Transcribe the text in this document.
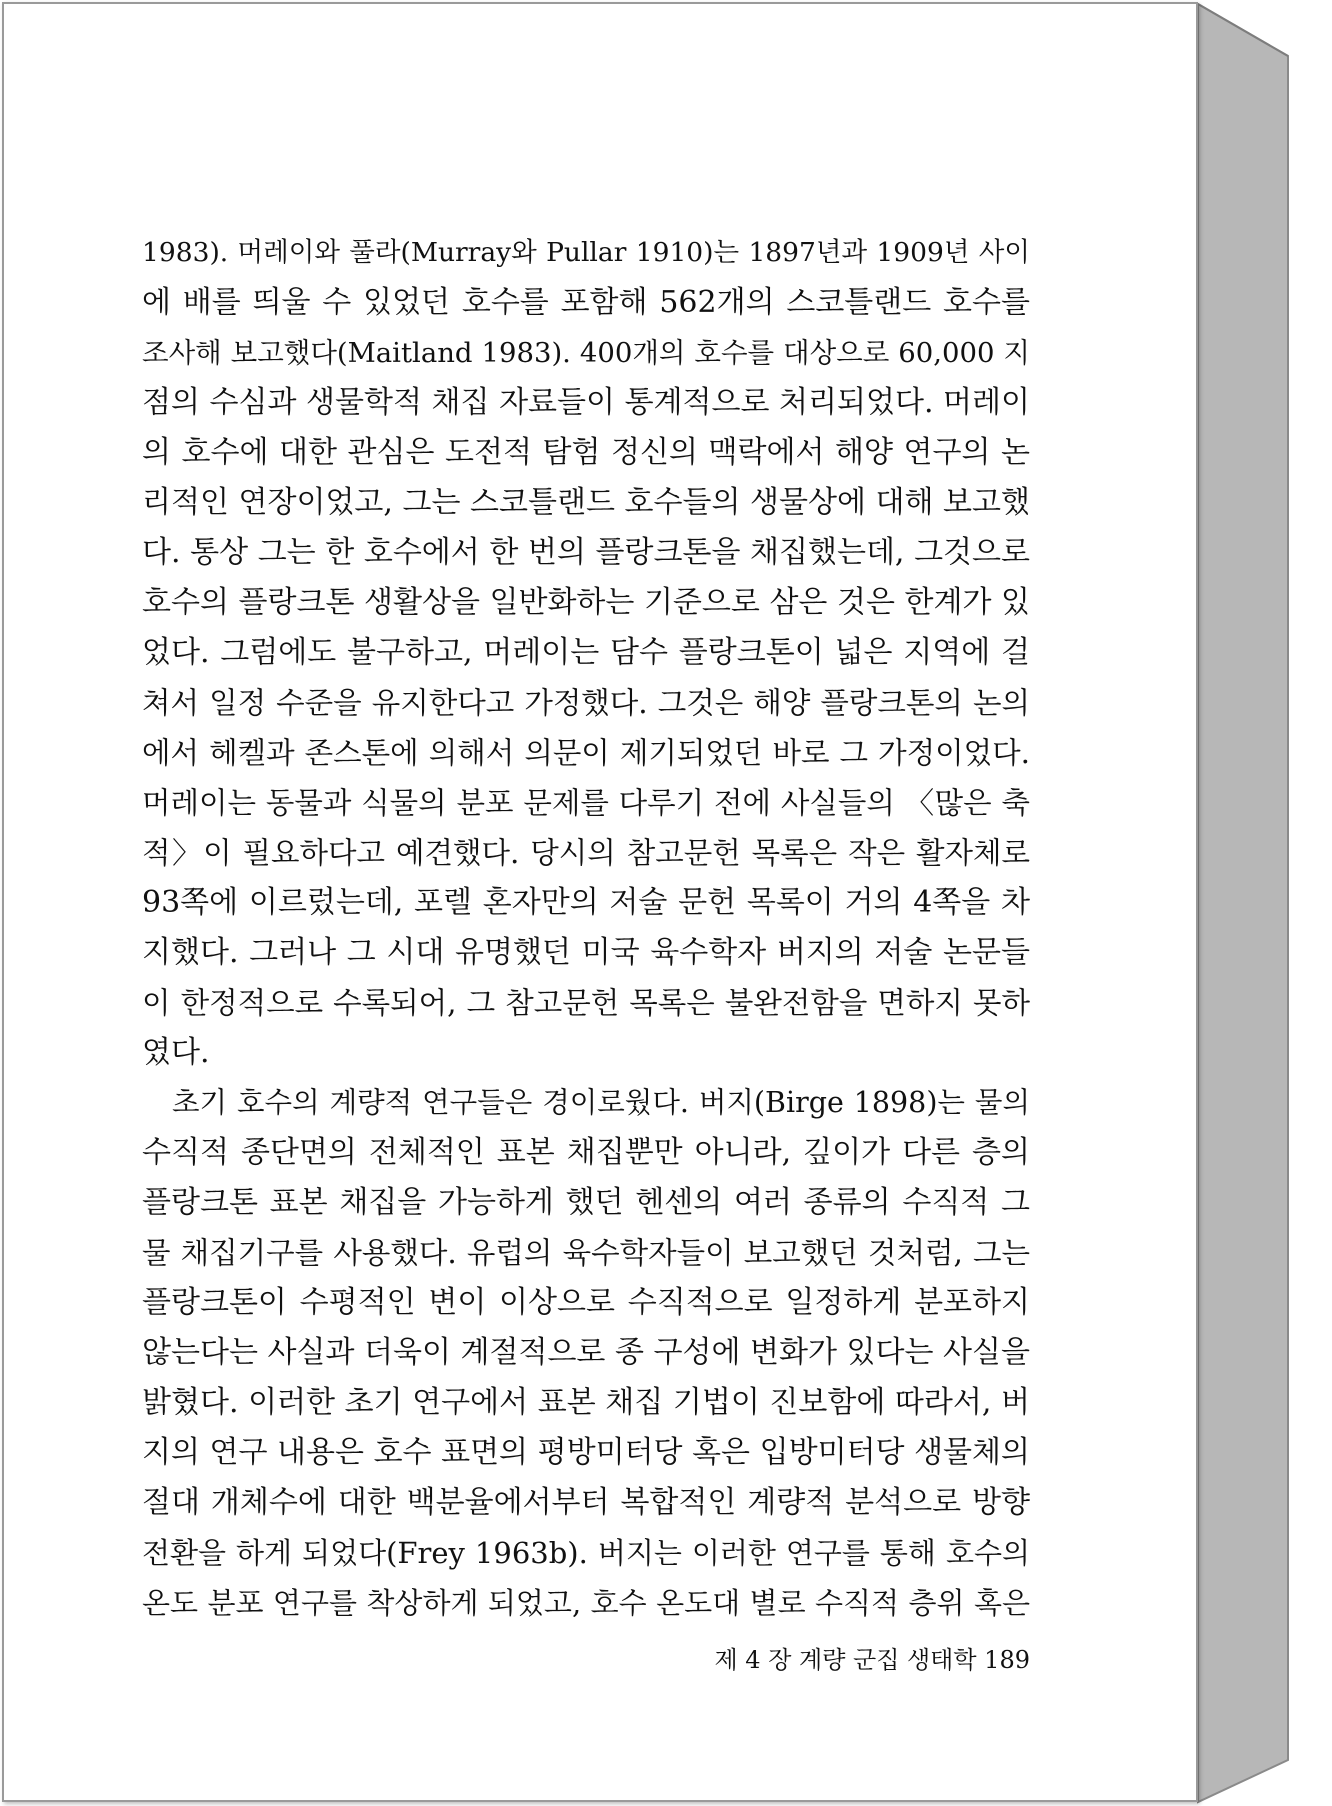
1983). 머레이와 풀라(Murray와 Pullar 1910)는 1897년과 1909년 사이
에 배를 띄울 수 있었던 호수를 포함해 562개의 스코틀랜드 호수를
조사해 보고했다(Maitland 1983). 400개의 호수를 대상으로 60,000 지
점의 수심과 생물학적 채집 자료들이 통계적으로 처리되었다. 머레이
의 호수에 대한 관심은 도전적 탐험 정신의 맥락에서 해양 연구의 논
리적인 연장이었고, 그는 스코틀랜드 호수들의 생물상에 대해 보고했
다. 통상 그는 한 호수에서 한 번의 플랑크톤을 채집했는데, 그것으로
호수의 플랑크톤 생활상을 일반화하는 기준으로 삼은 것은 한계가 있
었다. 그럼에도 불구하고, 머레이는 담수 플랑크톤이 넓은 지역에 걸
쳐서 일정 수준을 유지한다고 가정했다. 그것은 해양 플랑크톤의 논의
에서 헤켈과 존스톤에 의해서 의문이 제기되었던 바로 그 가정이었다.
머레이는 동물과 식물의 분포 문제를 다루기 전에 사실들의 〈많은 축
적〉이 필요하다고 예견했다. 당시의 참고문헌 목록은 작은 활자체로
93쪽에 이르렀는데, 포렐 혼자만의 저술 문헌 목록이 거의 4쪽을 차
지했다. 그러나 그 시대 유명했던 미국 육수학자 버지의 저술 논문들
이 한정적으로 수록되어, 그 참고문헌 목록은 불완전함을 면하지 못하
였다.
초기 호수의 계량적 연구들은 경이로웠다. 버지(Birge 1898)는 물의
수직적 종단면의 전체적인 표본 채집뿐만 아니라, 깊이가 다른 층의
플랑크톤 표본 채집을 가능하게 했던 헨센의 여러 종류의 수직적 그
물 채집기구를 사용했다. 유럽의 육수학자들이 보고했던 것처럼, 그는
플랑크톤이 수평적인 변이 이상으로 수직적으로 일정하게 분포하지
않는다는 사실과 더욱이 계절적으로 종 구성에 변화가 있다는 사실을
밝혔다. 이러한 초기 연구에서 표본 채집 기법이 진보함에 따라서, 버
지의 연구 내용은 호수 표면의 평방미터당 혹은 입방미터당 생물체의
절대 개체수에 대한 백분율에서부터 복합적인 계량적 분석으로 방향
전환을 하게 되었다(Frey 1963b). 버지는 이러한 연구를 통해 호수의
온도 분포 연구를 착상하게 되었고, 호수 온도대 별로 수직적 층위 혹은
제 4 장 계량 군집 생태학 189
